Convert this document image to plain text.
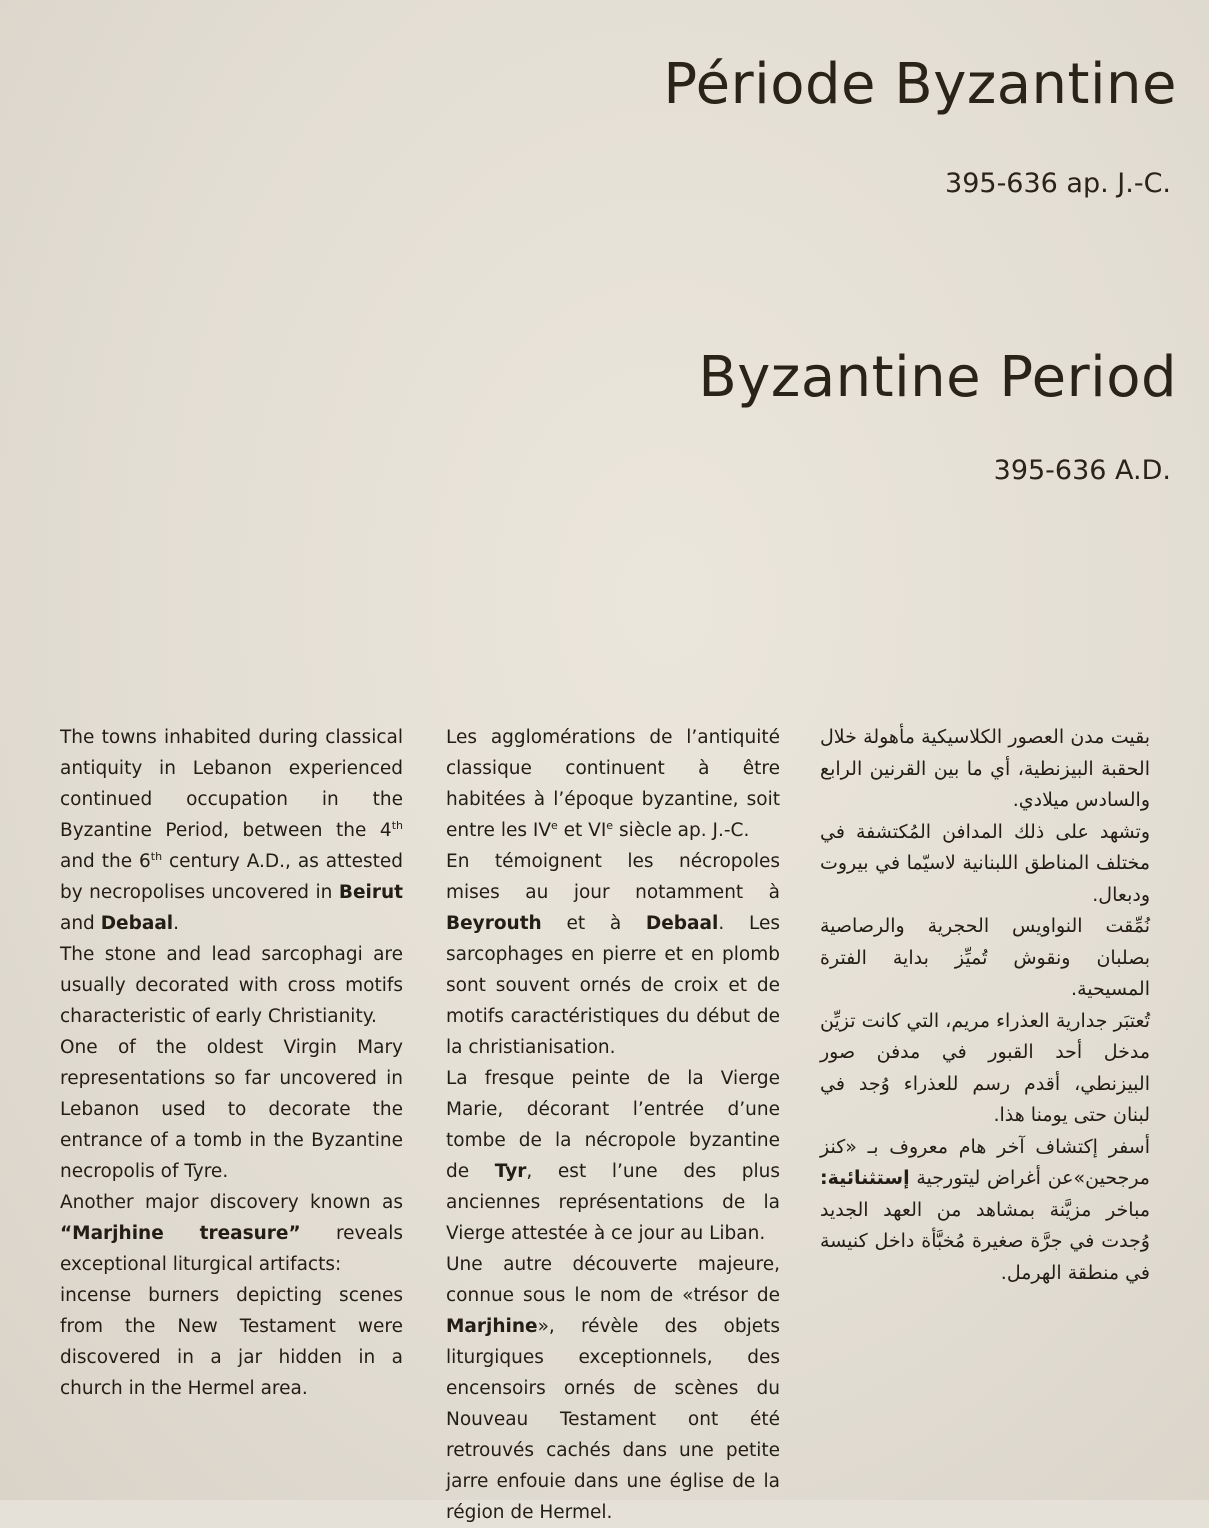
Période Byzantine
395-636 ap. J.-C.
Byzantine Period
395-636 A.D.

The towns inhabited during classical antiquity in Lebanon experienced continued occupation in the Byzantine Period, between the 4th and the 6th century A.D., as attested by necropolises uncovered in Beirut and Debaal.

The stone and lead sarcophagi are usually decorated with cross motifs characteristic of early Christianity.

One of the oldest Virgin Mary representations so far uncovered in Lebanon used to decorate the entrance of a tomb in the Byzantine necropolis of Tyre.

Another major discovery known as “Marjhine treasure” reveals exceptional liturgical artifacts:

incense burners depicting scenes from the New Testament were discovered in a jar hidden in a church in the Hermel area.

Les agglomérations de l’antiquité classique continuent à être habitées à l’époque byzantine, soit entre les IVe et VIe siècle ap. J.-C.

En témoignent les nécropoles mises au jour notamment à Beyrouth et à Debaal. Les sarcophages en pierre et en plomb sont souvent ornés de croix et de motifs caractéristiques du début de la christianisation.

La fresque peinte de la Vierge Marie, décorant l’entrée d’une tombe de la nécropole byzantine de Tyr, est l’une des plus anciennes représentations de la Vierge attestée à ce jour au Liban.

Une autre découverte majeure, connue sous le nom de «trésor de Marjhine», révèle des objets liturgiques exceptionnels, des encensoirs ornés de scènes du Nouveau Testament ont été retrouvés cachés dans une petite jarre enfouie dans une église de la région de Hermel.

بقيت مدن العصور الكلاسيكية مأهولة خلال الحقبة البيزنطية، أي ما بين القرنين الرابع والسادس ميلادي.

وتشهد على ذلك المدافن المُكتشفة في مختلف المناطق اللبنانية لاسيّما في بيروت ودبعال.

نُمِّقت النواويس الحجرية والرصاصية بصلبان ونقوش تُميِّز بداية الفترة المسيحية.

تُعتبَر جدارية العذراء مريم، التي كانت تزيِّن مدخل أحد القبور في مدفن صور البيزنطي، أقدم رسم للعذراء وُجد في لبنان حتى يومنا هذا.

أسفر إكتشاف آخر هام معروف بـ «كنز مرجحين»عن أغراض ليتورجية إستثنائية: مباخر مزيَّنة بمشاهد من العهد الجديد وُجدت في جرَّة صغيرة مُخبَّأة داخل كنيسة في منطقة الهرمل.
